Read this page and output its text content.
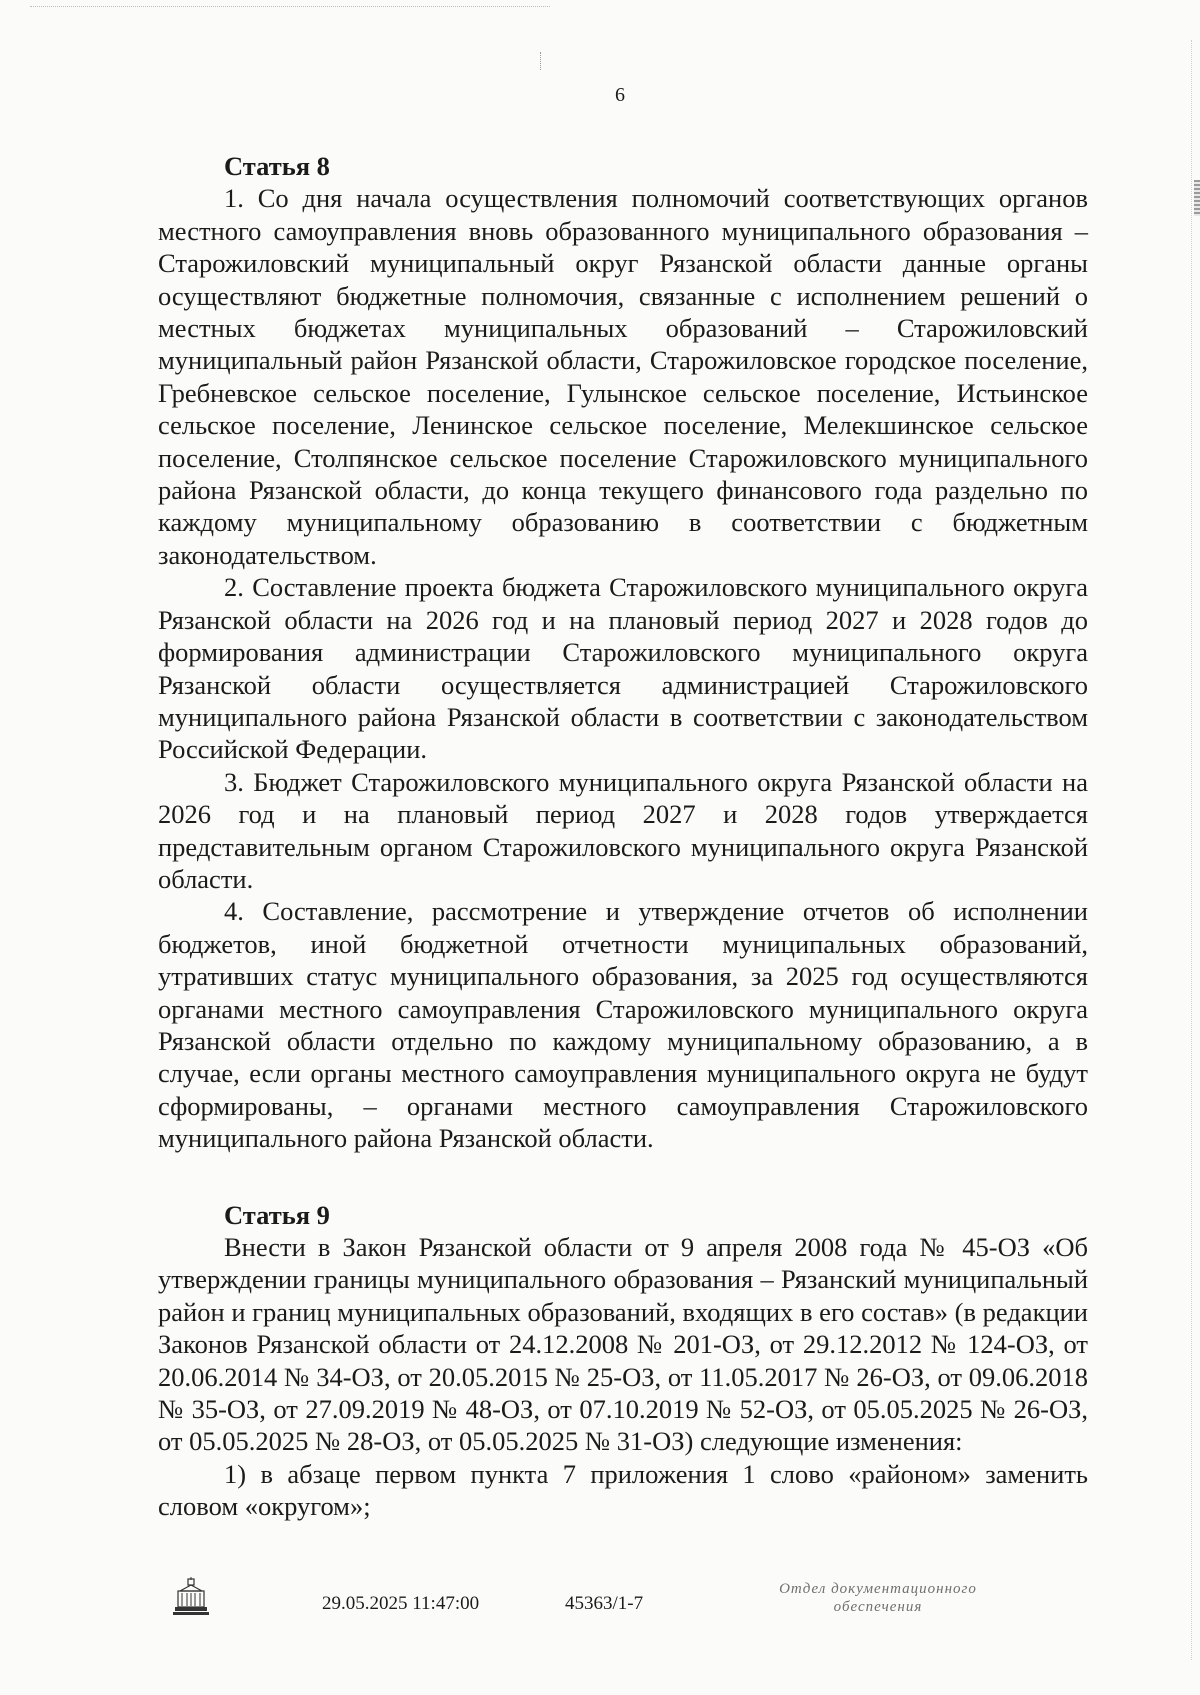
6

Статья 8

1. Со дня начала осуществления полномочий соответствующих органов местного самоуправления вновь образованного муниципального образования – Старожиловский муниципальный округ Рязанской области данные органы осуществляют бюджетные полномочия, связанные с исполнением решений о местных бюджетах муниципальных образований – Старожиловский муниципальный район Рязанской области, Старожиловское городское поселение, Гребневское сельское поселение, Гулынское сельское поселение, Истьинское сельское поселение, Ленинское сельское поселение, Мелекшинское сельское поселение, Столпянское сельское поселение Старожиловского муниципального района Рязанской области, до конца текущего финансового года раздельно по каждому муниципальному образованию в соответствии с бюджетным законодательством.

2. Составление проекта бюджета Старожиловского муниципального округа Рязанской области на 2026 год и на плановый период 2027 и 2028 годов до формирования администрации Старожиловского муниципального округа Рязанской области осуществляется администрацией Старожиловского муниципального района Рязанской области в соответствии с законодательством Российской Федерации.

3. Бюджет Старожиловского муниципального округа Рязанской области на 2026 год и на плановый период 2027 и 2028 годов утверждается представительным органом Старожиловского муниципального округа Рязанской области.

4. Составление, рассмотрение и утверждение отчетов об исполнении бюджетов, иной бюджетной отчетности муниципальных образований, утративших статус муниципального образования, за 2025 год осуществляются органами местного самоуправления Старожиловского муниципального округа Рязанской области отдельно по каждому муниципальному образованию, а в случае, если органы местного самоуправления муниципального округа не будут сформированы, – органами местного самоуправления Старожиловского муниципального района Рязанской области.

Статья 9

Внести в Закон Рязанской области от 9 апреля 2008 года № 45-ОЗ «Об утверждении границы муниципального образования – Рязанский муниципальный район и границ муниципальных образований, входящих в его состав» (в редакции Законов Рязанской области от 24.12.2008 № 201-ОЗ, от 29.12.2012 № 124-ОЗ, от 20.06.2014 № 34-ОЗ, от 20.05.2015 № 25-ОЗ, от 11.05.2017 № 26-ОЗ, от 09.06.2018 № 35-ОЗ, от 27.09.2019 № 48-ОЗ, от 07.10.2019 № 52-ОЗ, от 05.05.2025 № 26-ОЗ, от 05.05.2025 № 28-ОЗ, от 05.05.2025 № 31-ОЗ) следующие изменения:

1) в абзаце первом пункта 7 приложения 1 слово «районом» заменить словом «округом»;

29.05.2025 11:47:00	45363/1-7
Отдел документационного
обеспечения
